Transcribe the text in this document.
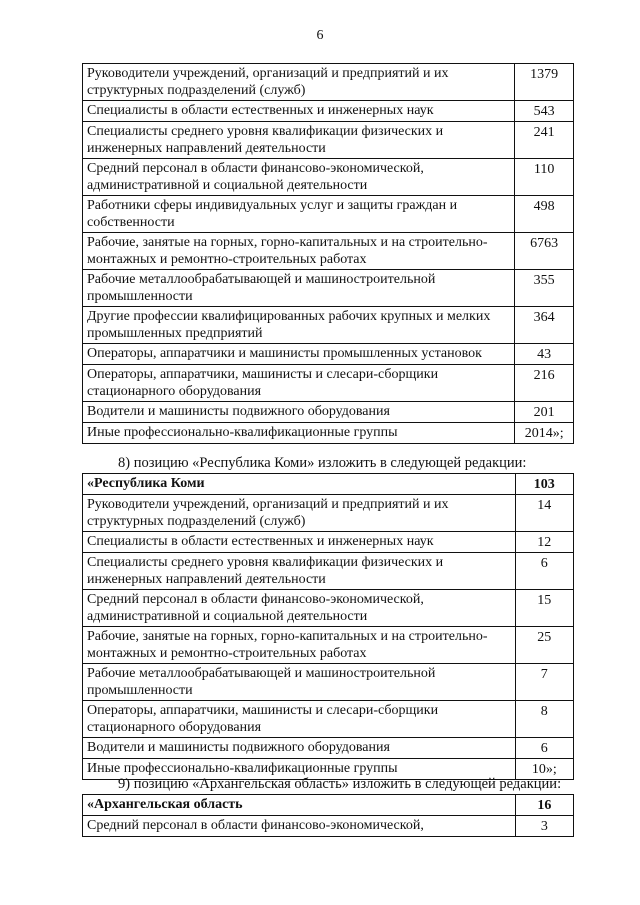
6
Руководители учреждений, организаций и предприятий и их структурных подразделений (служб)	1379
Специалисты в области естественных и инженерных наук	543
Специалисты среднего уровня квалификации физических и инженерных направлений деятельности	241
Средний персонал в области финансово-экономической, административной и социальной деятельности	110
Работники сферы индивидуальных услуг и защиты граждан и собственности	498
Рабочие, занятые на горных, горно-капитальных и на строительно-монтажных и ремонтно-строительных работах	6763
Рабочие металлообрабатывающей и машиностроительной промышленности	355
Другие профессии квалифицированных рабочих крупных и мелких промышленных предприятий	364
Операторы, аппаратчики и машинисты промышленных установок	43
Операторы, аппаратчики, машинисты и слесари-сборщики стационарного оборудования	216
Водители и машинисты подвижного оборудования	201
Иные профессионально-квалификационные группы	2014»;
8) позицию «Республика Коми» изложить в следующей редакции:
«Республика Коми	103
Руководители учреждений, организаций и предприятий и их структурных подразделений (служб)	14
Специалисты в области естественных и инженерных наук	12
Специалисты среднего уровня квалификации физических и инженерных направлений деятельности	6
Средний персонал в области финансово-экономической, административной и социальной деятельности	15
Рабочие, занятые на горных, горно-капитальных и на строительно-монтажных и ремонтно-строительных работах	25
Рабочие металлообрабатывающей и машиностроительной промышленности	7
Операторы, аппаратчики, машинисты и слесари-сборщики стационарного оборудования	8
Водители и машинисты подвижного оборудования	6
Иные профессионально-квалификационные группы	10»;
9) позицию «Архангельская область» изложить в следующей редакции:
«Архангельская область	16
Средний персонал в области финансово-экономической,	3
